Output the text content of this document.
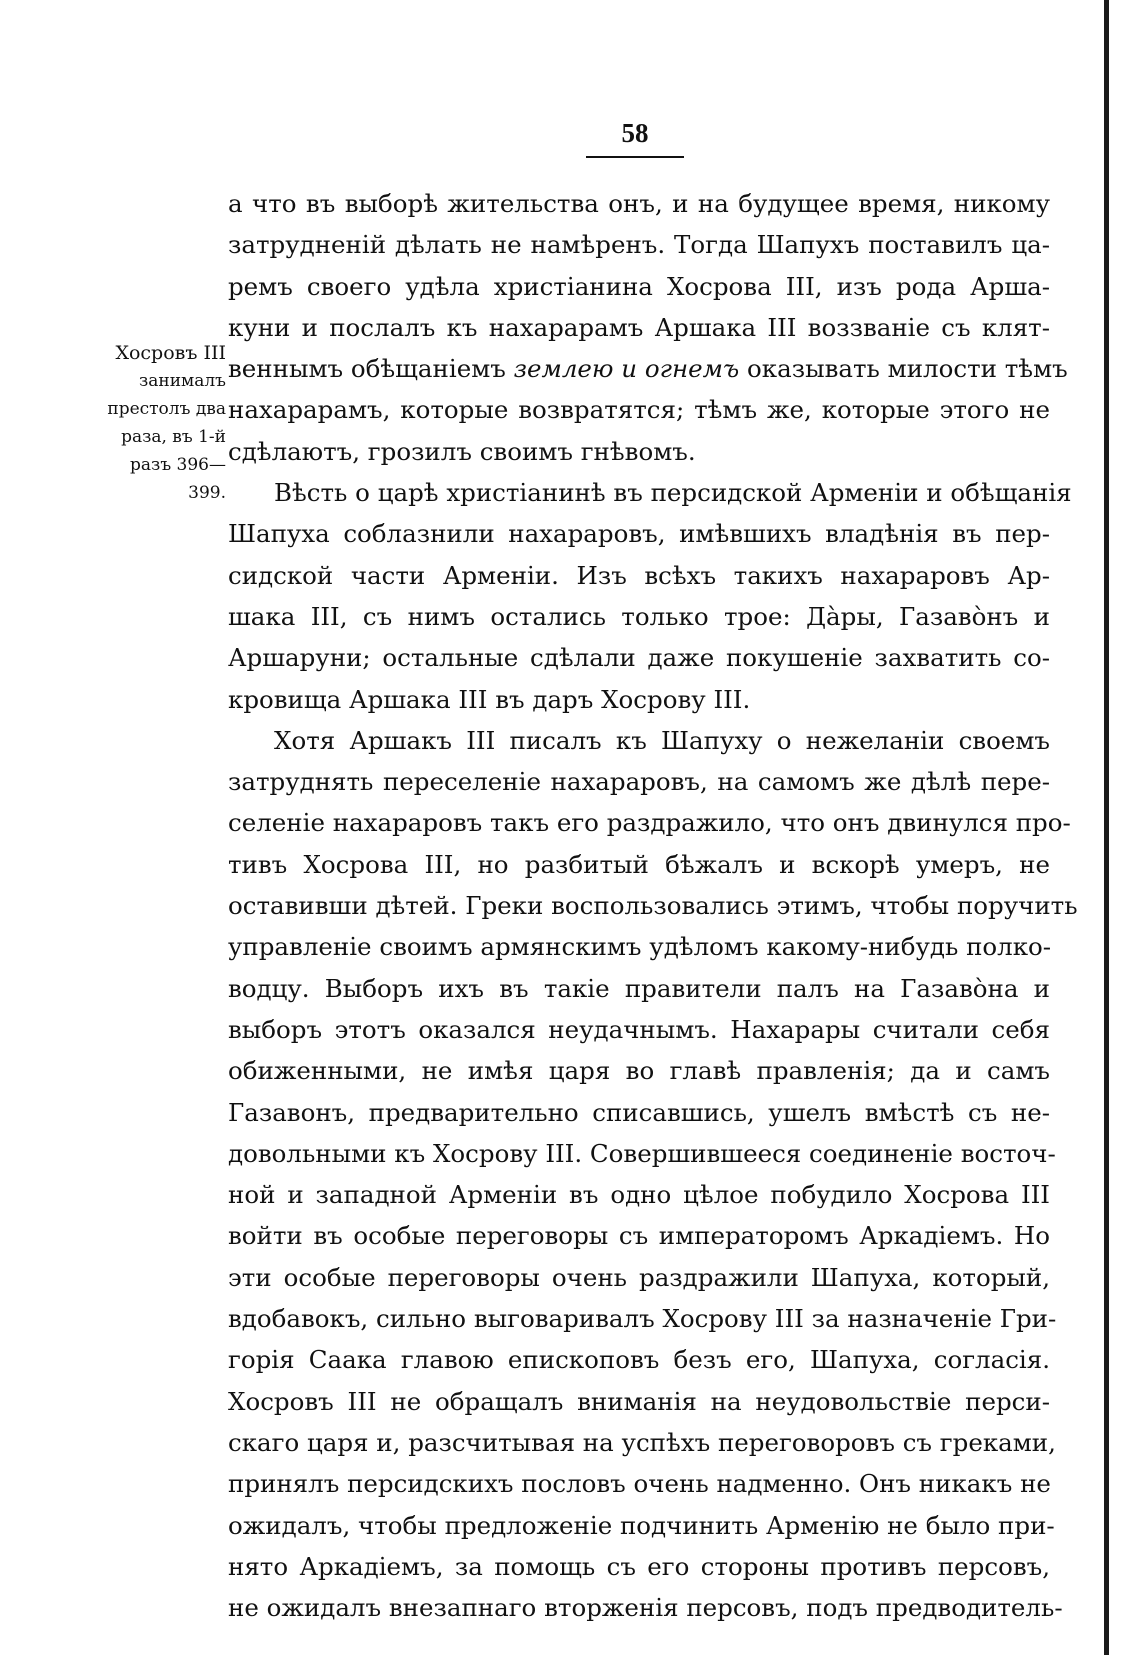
58
Хосровъ III
занималъ
престолъ два
раза, въ 1-й
разъ 396—
399.
а что въ выборѣ жительства онъ, и на будущее время, никому
затрудненій дѣлать не намѣренъ. Тогда Шапухъ поставилъ ца-
ремъ своего удѣла христіанина Хосрова III, изъ рода Арша-
куни и послалъ къ нахарарамъ Аршака III воззваніе съ клят-
веннымъ обѣщаніемъ землею и огнемъ оказывать милости тѣмъ
нахарарамъ, которые возвратятся; тѣмъ же, которые этого не
сдѣлаютъ, грозилъ своимъ гнѣвомъ.
Вѣсть о царѣ христіанинѣ въ персидской Арменіи и обѣщанія
Шапуха соблазнили нахараровъ, имѣвшихъ владѣнія въ пер-
сидской части Арменіи. Изъ всѣхъ такихъ нахараровъ Ар-
шака III, съ нимъ остались только трое: Дàры, Газавòнъ и
Аршаруни; остальные сдѣлали даже покушеніе захватить со-
кровища Аршака III въ даръ Хосрову III.
Хотя Аршакъ III писалъ къ Шапуху о нежеланіи своемъ
затруднять переселеніе нахараровъ, на самомъ же дѣлѣ пере-
селеніе нахараровъ такъ его раздражило, что онъ двинулся про-
тивъ Хосрова III, но разбитый бѣжалъ и вскорѣ умеръ, не
оставивши дѣтей. Греки воспользовались этимъ, чтобы поручить
управленіе своимъ армянскимъ удѣломъ какому-нибудь полко-
водцу. Выборъ ихъ въ такіе правители палъ на Газавòна и
выборъ этотъ оказался неудачнымъ. Нахарары считали себя
обиженными, не имѣя царя во главѣ правленія; да и самъ
Газавонъ, предварительно списавшись, ушелъ вмѣстѣ съ не-
довольными къ Хосрову III. Совершившееся соединеніе восточ-
ной и западной Арменіи въ одно цѣлое побудило Хосрова III
войти въ особые переговоры съ императоромъ Аркадіемъ. Но
эти особые переговоры очень раздражили Шапуха, который,
вдобавокъ, сильно выговаривалъ Хосрову III за назначеніе Гри-
горія Саака главою епископовъ безъ его, Шапуха, согласія.
Хосровъ III не обращалъ вниманія на неудовольствіе перси-
скаго царя и, разсчитывая на успѣхъ переговоровъ съ греками,
принялъ персидскихъ пословъ очень надменно. Онъ никакъ не
ожидалъ, чтобы предложеніе подчинить Арменію не было при-
нято Аркадіемъ, за помощь съ его стороны противъ персовъ,
не ожидалъ внезапнаго вторженія персовъ, подъ предводитель-
